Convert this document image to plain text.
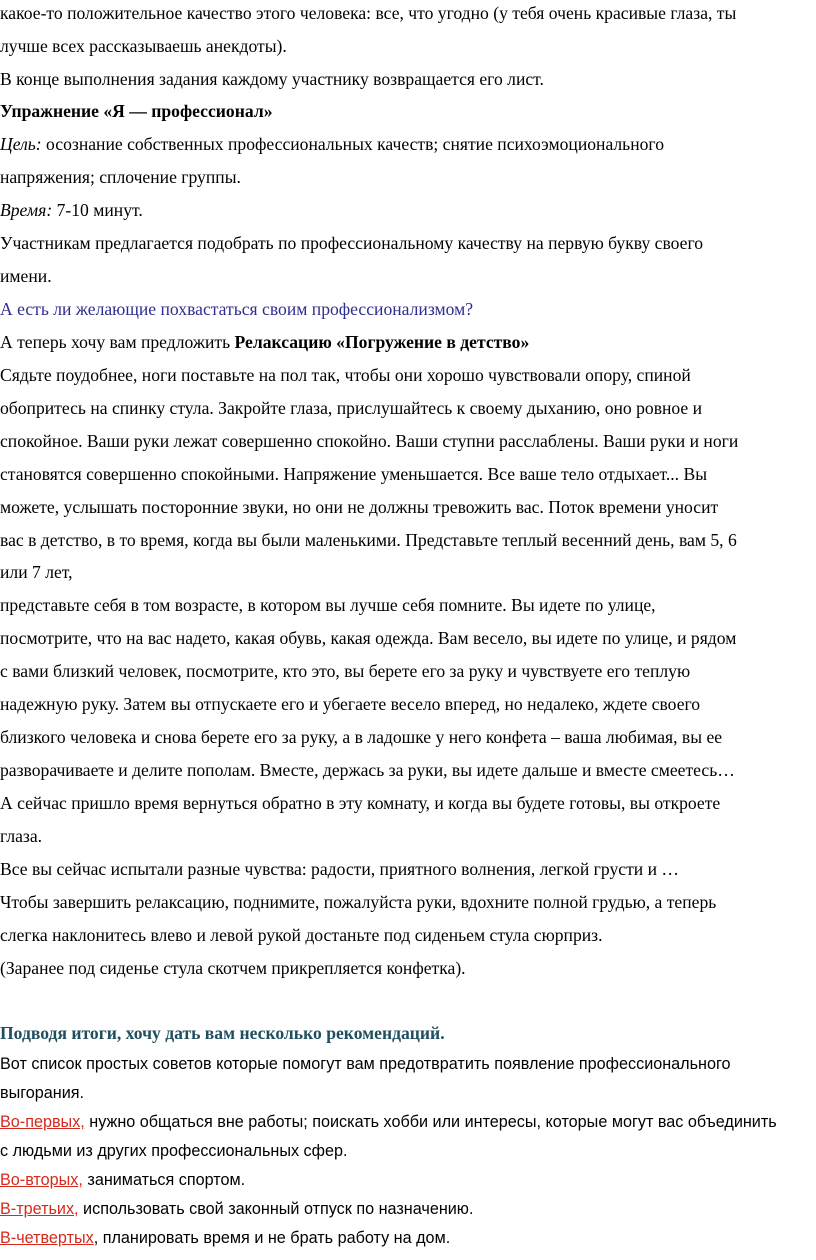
какое-то положительное качество этого человека: все, что угодно (у тебя очень красивые глаза, ты
лучше всех рассказываешь анекдоты).
В конце выполнения задания каждому участнику возвращается его лист.
Упражнение «Я — профессионал»
Цель: осознание собственных профессиональных качеств; снятие психоэмоционального
напряжения; сплочение группы.
Время: 7-10 минут.
Участникам предлагается подобрать по профессиональному качеству на первую букву своего
имени.
А есть ли желающие похвастаться своим профессионализмом?
А теперь хочу вам предложить Релаксацию «Погружение в детство»
Сядьте поудобнее, ноги поставьте на пол так, чтобы они хорошо чувствовали опору, спиной
обопритесь на спинку стула. Закройте глаза, прислушайтесь к своему дыханию, оно ровное и
спокойное. Ваши руки лежат совершенно спокойно. Ваши ступни расслаблены. Ваши руки и ноги
становятся совершенно спокойными. Напряжение уменьшается. Все ваше тело отдыхает... Вы
можете, услышать посторонние звуки, но они не должны тревожить вас. Поток времени уносит
вас в детство, в то время, когда вы были маленькими. Представьте теплый весенний день, вам 5, 6
или 7 лет,
представьте себя в том возрасте, в котором вы лучше себя помните. Вы идете по улице,
посмотрите, что на вас надето, какая обувь, какая одежда. Вам весело, вы идете по улице, и рядом
с вами близкий человек, посмотрите, кто это, вы берете его за руку и чувствуете его теплую
надежную руку. Затем вы отпускаете его и убегаете весело вперед, но недалеко, ждете своего
близкого человека и снова берете его за руку, а в ладошке у него конфета – ваша любимая, вы ее
разворачиваете и делите пополам. Вместе, держась за руки, вы идете дальше и вместе смеетесь…
А сейчас пришло время вернуться обратно в эту комнату, и когда вы будете готовы, вы откроете
глаза.
Все вы сейчас испытали разные чувства: радости, приятного волнения, легкой грусти и …
Чтобы завершить релаксацию, поднимите, пожалуйста руки, вдохните полной грудью, а теперь
слегка наклонитесь влево и левой рукой достаньте под сиденьем стула сюрприз.
(Заранее под сиденье стула скотчем прикрепляется конфетка).
Подводя итоги, хочу дать вам несколько рекомендаций.
Вот список простых советов которые помогут вам предотвратить появление профессионального
выгорания.
Во-первых, нужно общаться вне работы; поискать хобби или интересы, которые могут вас объединить
с людьми из других профессиональных сфер.
Во-вторых, заниматься спортом.
В-третьих, использовать свой законный отпуск по назначению.
В-четвертых, планировать время и не брать работу на дом.
